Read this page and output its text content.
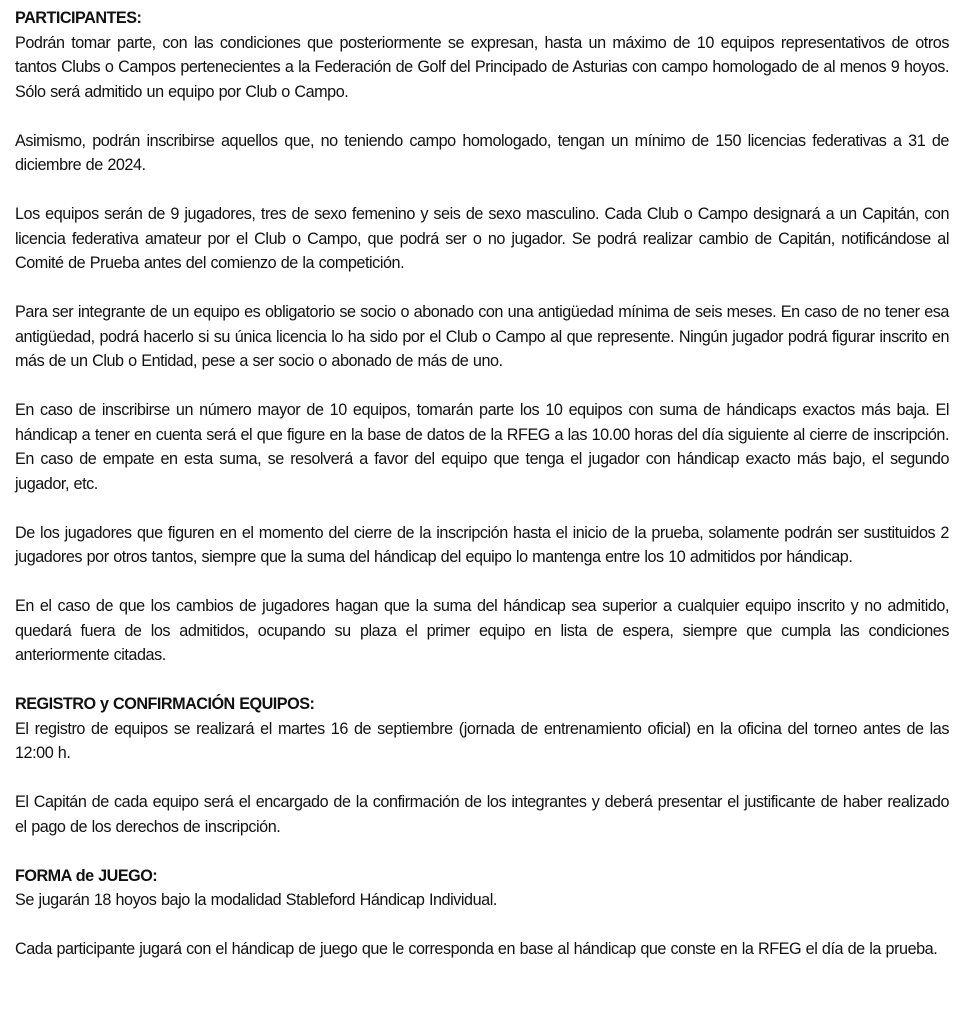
PARTICIPANTES:

Podrán tomar parte, con las condiciones que posteriormente se expresan, hasta un máximo de 10 equipos representativos de otros tantos Clubs o Campos pertenecientes a la Federación de Golf del Principado de Asturias con campo homologado de al menos 9 hoyos. Sólo será admitido un equipo por Club o Campo.

Asimismo, podrán inscribirse aquellos que, no teniendo campo homologado, tengan un mínimo de 150 licencias federativas a 31 de diciembre de 2024.

Los equipos serán de 9 jugadores, tres de sexo femenino y seis de sexo masculino. Cada Club o Campo designará a un Capitán, con licencia federativa amateur por el Club o Campo, que podrá ser o no jugador. Se podrá realizar cambio de Capitán, notificándose al Comité de Prueba antes del comienzo de la competición.

Para ser integrante de un equipo es obligatorio se socio o abonado con una antigüedad mínima de seis meses. En caso de no tener esa antigüedad, podrá hacerlo si su única licencia lo ha sido por el Club o Campo al que represente. Ningún jugador podrá figurar inscrito en más de un Club o Entidad, pese a ser socio o abonado de más de uno.

En caso de inscribirse un número mayor de 10 equipos, tomarán parte los 10 equipos con suma de hándicaps exactos más baja. El hándicap a tener en cuenta será el que figure en la base de datos de la RFEG a las 10.00 horas del día siguiente al cierre de inscripción. En caso de empate en esta suma, se resolverá a favor del equipo que tenga el jugador con hándicap exacto más bajo, el segundo jugador, etc.

De los jugadores que figuren en el momento del cierre de la inscripción hasta el inicio de la prueba, solamente podrán ser sustituidos 2 jugadores por otros tantos, siempre que la suma del hándicap del equipo lo mantenga entre los 10 admitidos por hándicap.

En el caso de que los cambios de jugadores hagan que la suma del hándicap sea superior a cualquier equipo inscrito y no admitido, quedará fuera de los admitidos, ocupando su plaza el primer equipo en lista de espera, siempre que cumpla las condiciones anteriormente citadas.

REGISTRO y CONFIRMACIÓN EQUIPOS:

El registro de equipos se realizará el martes 16 de septiembre (jornada de entrenamiento oficial) en la oficina del torneo antes de las 12:00 h.

El Capitán de cada equipo será el encargado de la confirmación de los integrantes y deberá presentar el justificante de haber realizado el pago de los derechos de inscripción.

FORMA de JUEGO:

Se jugarán 18 hoyos bajo la modalidad Stableford Hándicap Individual.

Cada participante jugará con el hándicap de juego que le corresponda en base al hándicap que conste en la RFEG el día de la prueba.
